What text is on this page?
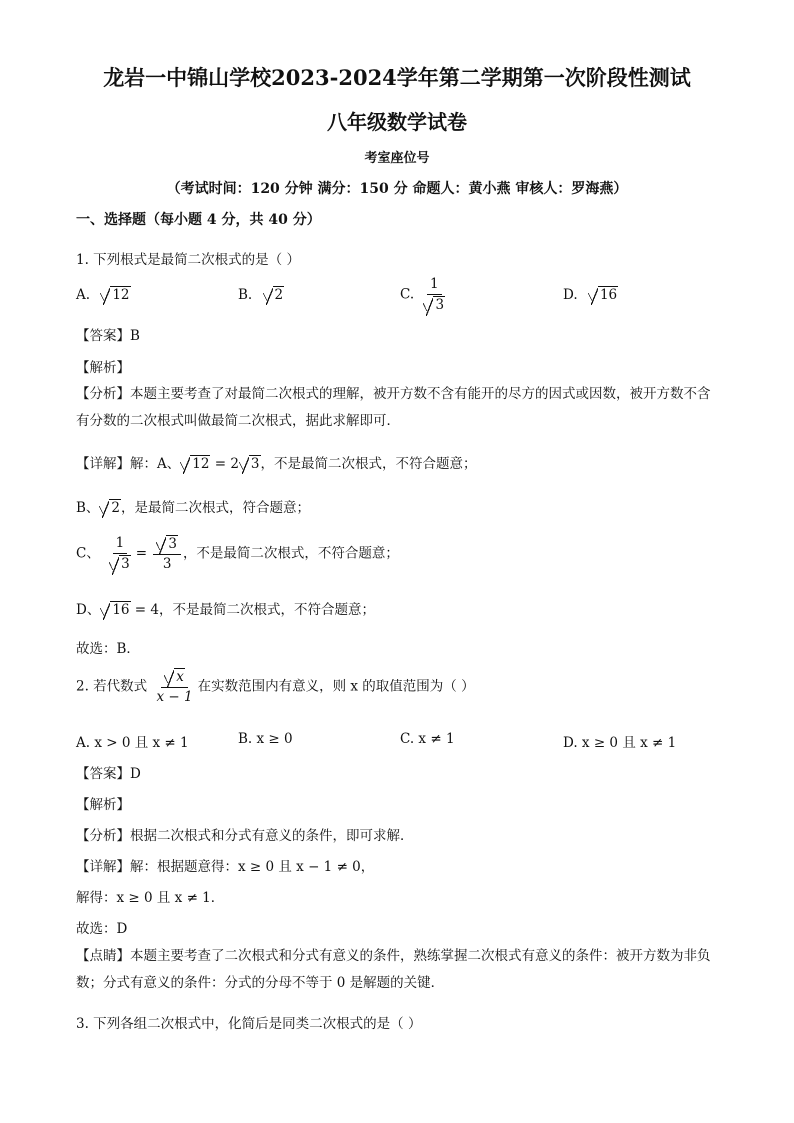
龙岩一中锦山学校2023-2024学年第二学期第一次阶段性测试
八年级数学试卷
考室座位号
（考试时间：120 分钟 满分：150 分 命题人：黄小燕 审核人：罗海燕）
一、选择题（每小题 4 分，共 40 分）
1. 下列根式是最简二次根式的是（ ）
A. 12	B. 2	C. $\frac{1}{3}$	D. 16
【答案】B
【解析】
【分析】本题主要考查了对最简二次根式的理解，被开方数不含有能开的尽方的因式或因数，被开方数不含有分数的二次根式叫做最简二次根式，据此求解即可．
【详解】解：A、 12 = 2 3，不是最简二次根式，不符合题意；
B、 2，是最简二次根式，符合题意；
C、 $\frac{1}{3} = \frac{3}{3}$ ，不是最简二次根式，不符合题意；
D、 16 = 4，不是最简二次根式，不符合题意；
故选：B．
2. 若代数式 $\frac{x}{x - 1}$ 在实数范围内有意义，则 x 的取值范围为（ ）
A. x > 0 且 x ≠ 1	B. x ≥ 0	C. x ≠ 1	D. x ≥ 0 且 x ≠ 1
【答案】D
【解析】
【分析】根据二次根式和分式有意义的条件，即可求解．
【详解】解：根据题意得：x ≥ 0 且 x − 1 ≠ 0，
解得：x ≥ 0 且 x ≠ 1．
故选：D
【点睛】本题主要考查了二次根式和分式有意义的条件，熟练掌握二次根式有意义的条件：被开方数为非负数；分式有意义的条件：分式的分母不等于 0 是解题的关键．
3. 下列各组二次根式中，化简后是同类二次根式的是（ ）
